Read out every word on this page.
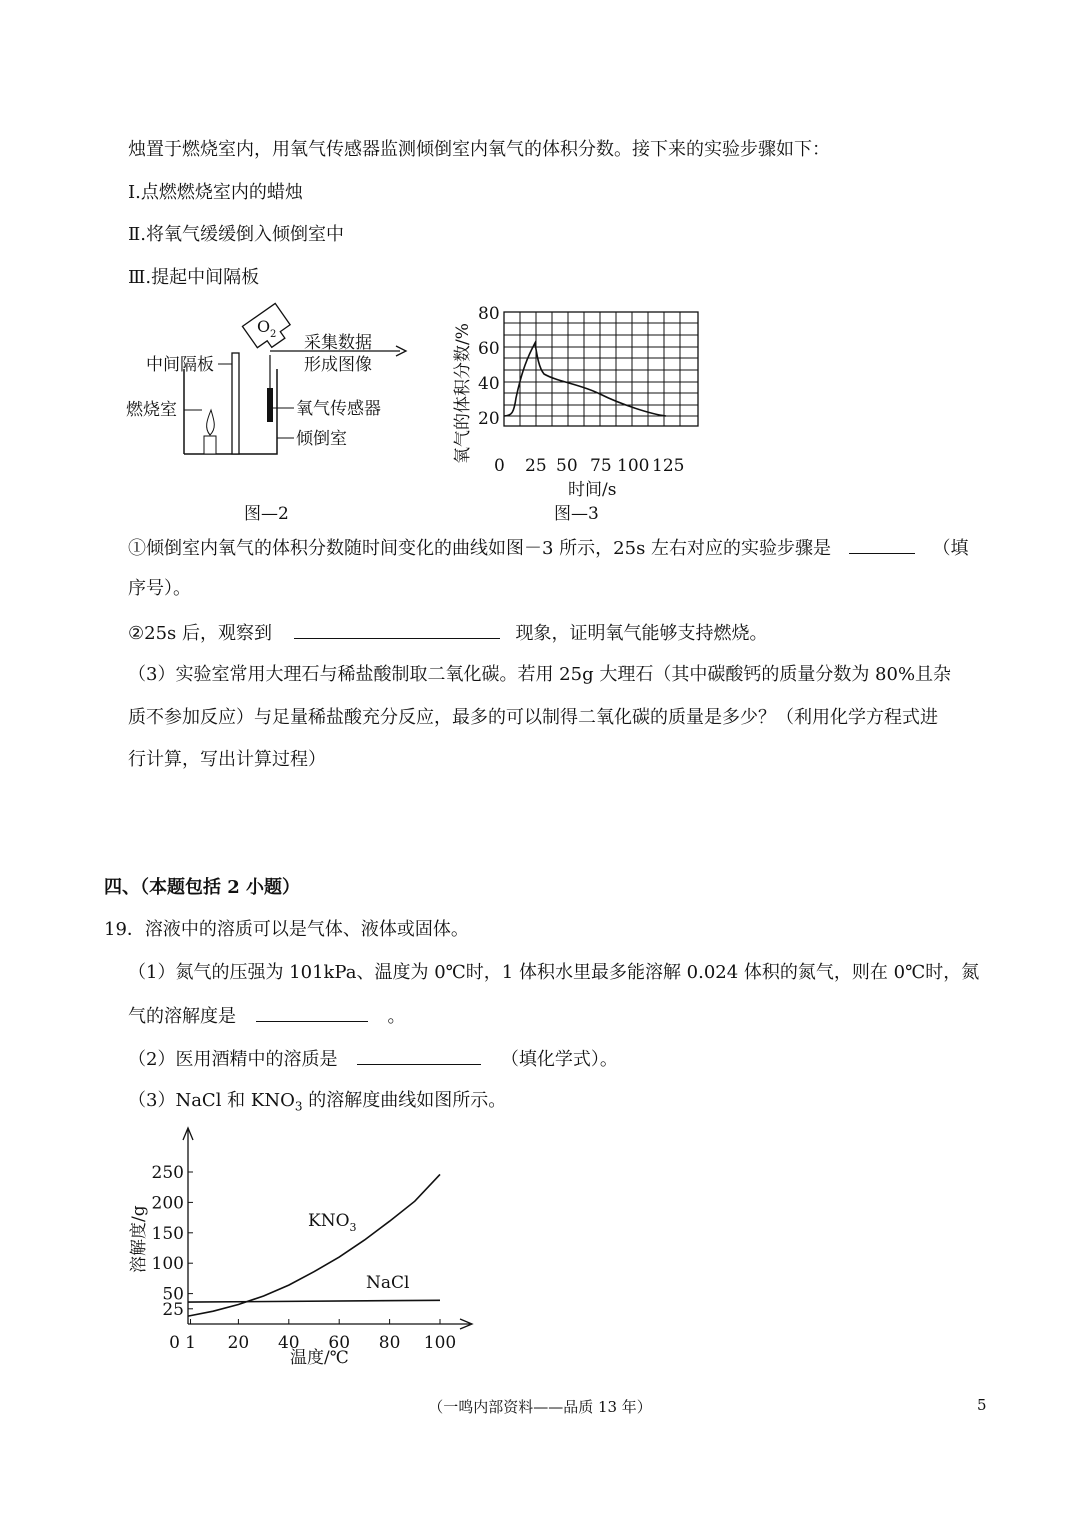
烛置于燃烧室内，用氧气传感器监测倾倒室内氧气的体积分数。接下来的实验步骤如下：
Ⅰ.点燃燃烧室内的蜡烛
Ⅱ.将氧气缓缓倒入倾倒室中
Ⅲ.提起中间隔板
O 2 采集数据
形成图像
中间隔板
燃烧室	氧气传感器
倾倒室
图—2
80
60
40
20
0 25 50 75 100 125
时间/s
氧气的体积分数/%
图—3
①倾倒室内氧气的体积分数随时间变化的曲线如图－3 所示，25s 左右对应的实验步骤是	（填
序号）。
②25s 后，观察到	现象，证明氧气能够支持燃烧。
（3）实验室常用大理石与稀盐酸制取二氧化碳。若用 25g 大理石（其中碳酸钙的质量分数为 80%且杂
质不参加反应）与足量稀盐酸充分反应，最多的可以制得二氧化碳的质量是多少？（利用化学方程式进
行计算，写出计算过程）
四、（本题包括 2 小题）
19．溶液中的溶质可以是气体、液体或固体。
（1）氮气的压强为 101kPa、温度为 0℃时，1 体积水里最多能溶解 0.024 体积的氮气，则在 0℃时，氮
气的溶解度是	。
（2）医用酒精中的溶质是	（填化学式）。
（3）NaCl 和 $KNO_3$ 的溶解度曲线如图所示。
25
50
100
150
200
250
0 1 20 40 60 80 100
$KNO_3$
NaCl
溶解度/g
温度/℃
（一鸣内部资料——品质 13 年）	5
